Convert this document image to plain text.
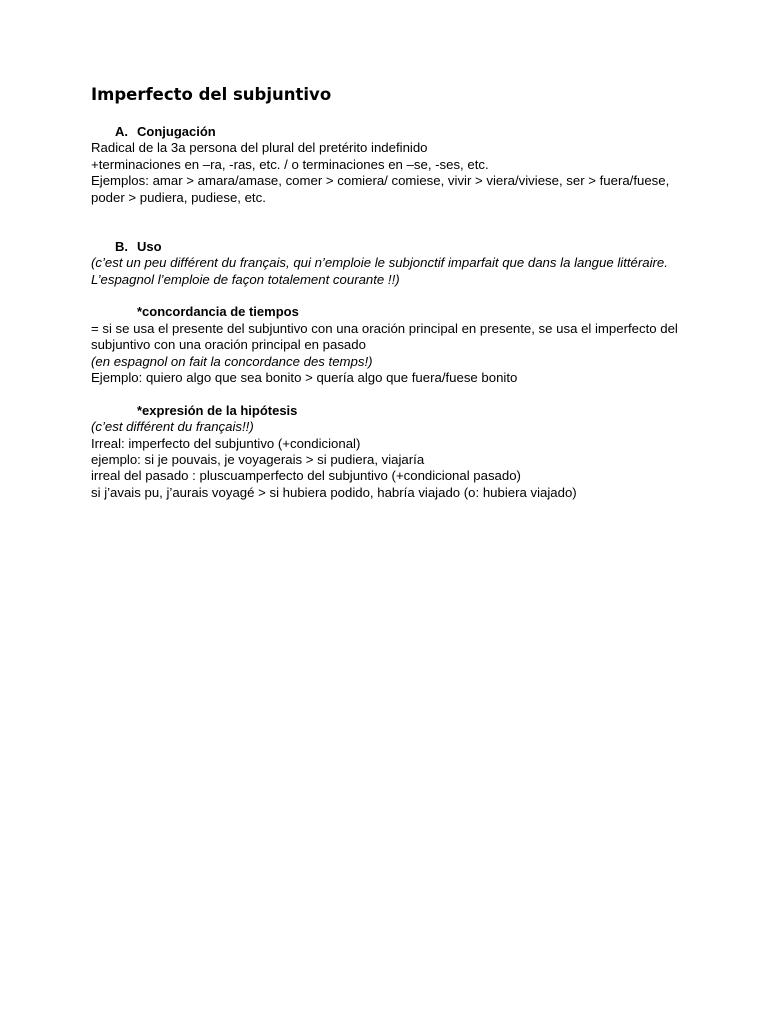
Imperfecto del subjuntivo
A. Conjugación
Radical de la 3a persona del plural del pretérito indefinido
+terminaciones en –ra, -ras, etc. / o terminaciones en –se, -ses, etc.
Ejemplos: amar > amara/amase, comer > comiera/ comiese, vivir > viera/viviese, ser > fuera/fuese,
poder > pudiera, pudiese, etc.
B. Uso
(c’est un peu différent du français, qui n’emploie le subjonctif imparfait que dans la langue littéraire.
L’espagnol l’emploie de façon totalement courante !!)
*concordancia de tiempos
= si se usa el presente del subjuntivo con una oración principal en presente, se usa el imperfecto del
subjuntivo con una oración principal en pasado
(en espagnol on fait la concordance des temps!)
Ejemplo: quiero algo que sea bonito > quería algo que fuera/fuese bonito
*expresión de la hipótesis
(c’est différent du français!!)
Irreal: imperfecto del subjuntivo (+condicional)
ejemplo: si je pouvais, je voyagerais > si pudiera, viajaría
irreal del pasado : pluscuamperfecto del subjuntivo (+condicional pasado)
si j’avais pu, j’aurais voyagé > si hubiera podido, habría viajado (o: hubiera viajado)
